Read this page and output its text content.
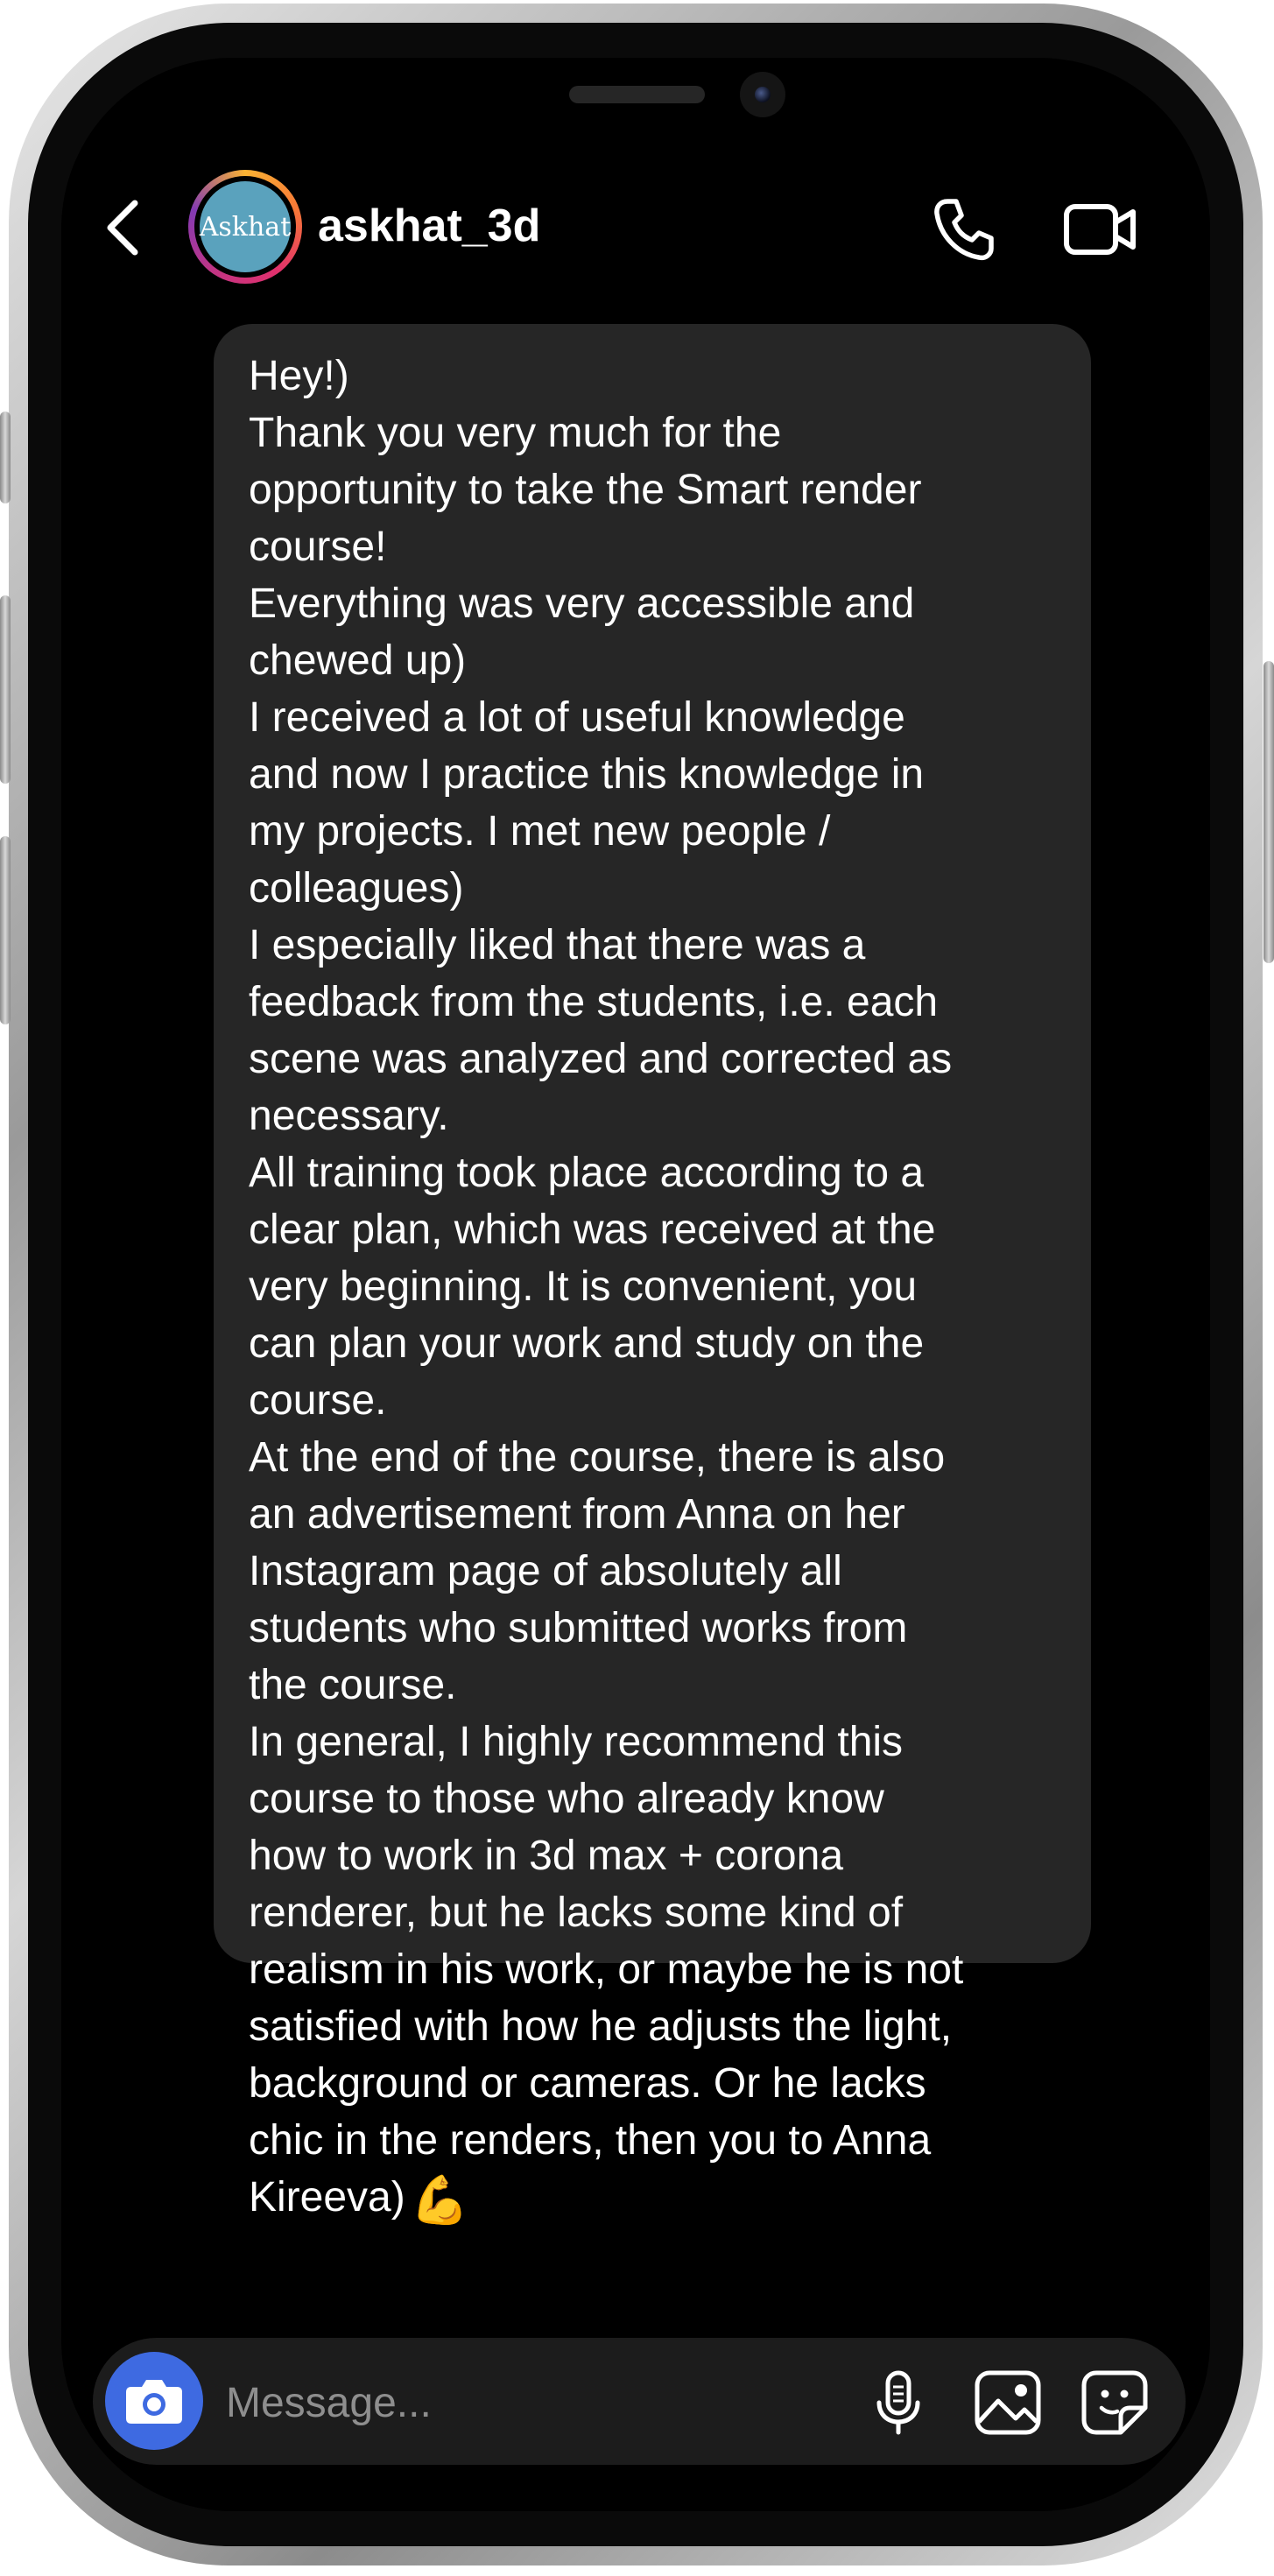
Askhat askhat_3d
Hey!)
Thank you very much for the
opportunity to take the Smart render
course!
Everything was very accessible and
chewed up)
I received a lot of useful knowledge
and now I practice this knowledge in
my projects. I met new people /
colleagues)
I especially liked that there was a
feedback from the students, i.e. each
scene was analyzed and corrected as
necessary.
All training took place according to a
clear plan, which was received at the
very beginning. It is convenient, you
can plan your work and study on the
course.
At the end of the course, there is also
an advertisement from Anna on her
Instagram page of absolutely all
students who submitted works from
the course.
In general, I highly recommend this
course to those who already know
how to work in 3d max + corona
renderer, but he lacks some kind of
realism in his work, or maybe he is not
satisfied with how he adjusts the light,
background or cameras. Or he lacks
chic in the renders, then you to Anna
Kireeva) 💪
Message...
